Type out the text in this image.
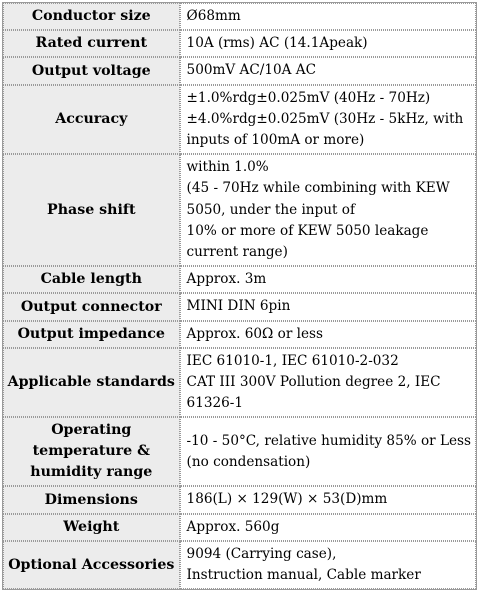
Conductor size	Ø68mm

Rated current	10A (rms) AC (14.1Apeak)

Output voltage	500mV AC/10A AC

Accuracy	±1.0%rdg±0.025mV (40Hz - 70Hz)
±4.0%rdg±0.025mV (30Hz - 5kHz, with
inputs of 100mA or more)

Phase shift	within 1.0%
(45 - 70Hz while combining with KEW
5050, under the input of
10% or more of KEW 5050 leakage
current range)

Cable length	Approx. 3m

Output connector	MINI DIN 6pin

Output impedance	Approx. 60Ω or less

Applicable standards	IEC 61010-1, IEC 61010-2-032
CAT III 300V Pollution degree 2, IEC
61326-1

Operating temperature &
humidity range	-10 - 50°C, relative humidity 85% or Less
(no condensation)

Dimensions	186(L) × 129(W) × 53(D)mm

Weight	Approx. 560g

Optional Accessories	9094 (Carrying case),
Instruction manual, Cable marker
